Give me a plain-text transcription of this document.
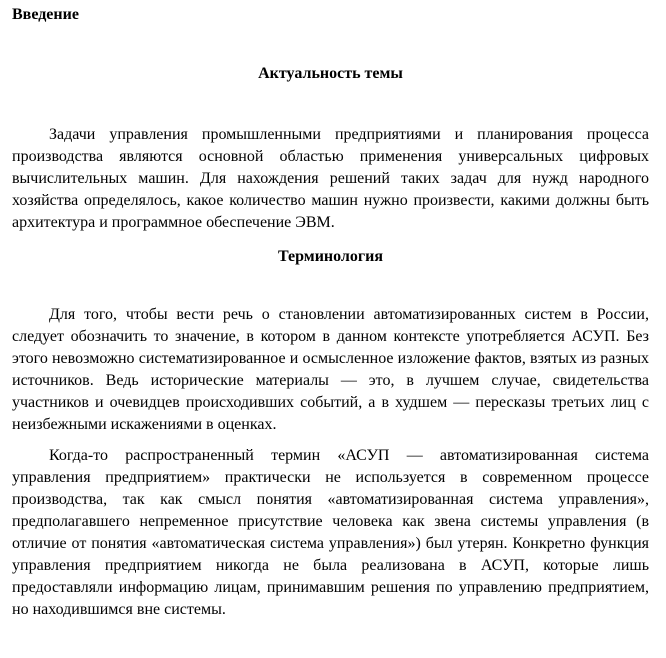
Введение
Актуальность темы

Задачи управления промышленными предприятиями и планирования процесса производства являются основной областью применения универсальных цифровых вычислительных машин. Для нахождения решений таких задач для нужд народного хозяйства определялось, какое количество машин нужно произвести, какими должны быть архитектура и программное обеспечение ЭВМ.

Терминология

Для того, чтобы вести речь о становлении автоматизированных систем в России, следует обозначить то значение, в котором в данном контексте употребляется АСУП. Без этого невозможно систематизированное и осмысленное изложение фактов, взятых из разных источников. Ведь исторические материалы — это, в лучшем случае, свидетельства участников и очевидцев происходивших событий, а в худшем — пересказы третьих лиц с неизбежными искажениями в оценках.

Когда-то распространенный термин «АСУП — автоматизированная система управления предприятием» практически не используется в современном процессе производства, так как смысл понятия «автоматизированная система управления», предполагавшего непременное присутствие человека как звена системы управления (в отличие от понятия «автоматическая система управления») был утерян. Конкретно функция управления предприятием никогда не была реализована в АСУП, которые лишь предоставляли информацию лицам, принимавшим решения по управлению предприятием, но находившимся вне системы.
